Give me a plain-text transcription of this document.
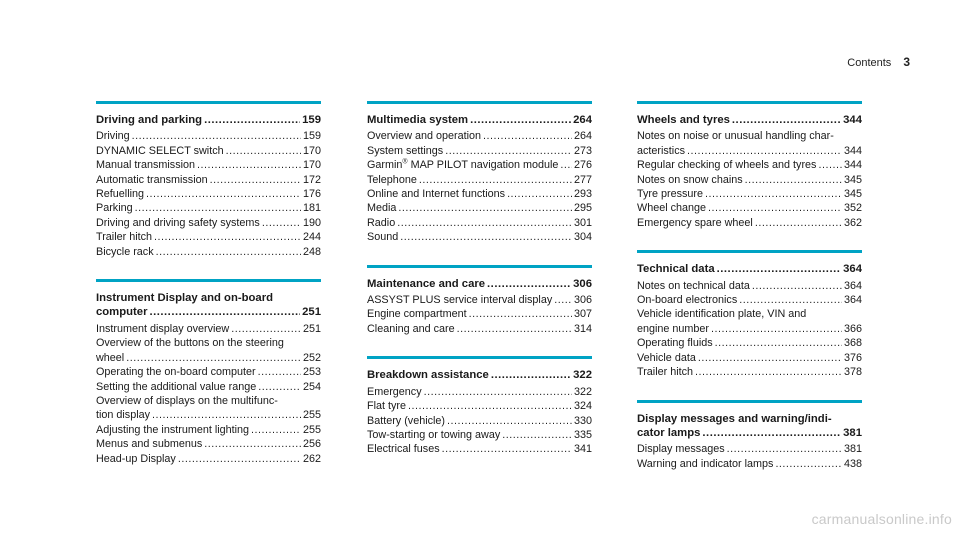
Contents 3
Driving and parking .....	159
Driving .....	159
DYNAMIC SELECT switch .....	170
Manual transmission .....	170
Automatic transmission .....	172
Refuelling .....	176
Parking .....	181
Driving and driving safety systems .....	190
Trailer hitch .....	244
Bicycle rack .....	248
Instrument Display and on-board
computer .....	251
Instrument display overview .....	251
Overview of the buttons on the steering
wheel .....	252
Operating the on-board computer .....	253
Setting the additional value range .....	254
Overview of displays on the multifunc-
tion display .....	255
Adjusting the instrument lighting .....	255
Menus and submenus .....	256
Head-up Display .....	262
Multimedia system .....	264
Overview and operation .....	264
System settings .....	273
Garmin® MAP PILOT navigation module ..... 276
Telephone .....	277
Online and Internet functions .....	293
Media .....	295
Radio .....	301
Sound .....	304
Maintenance and care .....	306
ASSYST PLUS service interval display ..... 306
Engine compartment .....	307
Cleaning and care .....	314
Breakdown assistance .....	322
Emergency .....	322
Flat tyre .....	324
Battery (vehicle) .....	330
Tow-starting or towing away .....	335
Electrical fuses .....	341
Wheels and tyres .....	344
Notes on noise or unusual handling char-
acteristics .....	344
Regular checking of wheels and tyres .....	344
Notes on snow chains .....	345
Tyre pressure .....	345
Wheel change .....	352
Emergency spare wheel .....	362
Technical data .....	364
Notes on technical data .....	364
On-board electronics .....	364
Vehicle identification plate, VIN and
engine number .....	366
Operating fluids .....	368
Vehicle data .....	376
Trailer hitch .....	378
Display messages and warning/indi-
cator lamps .....	381
Display messages .....	381
Warning and indicator lamps .....	438
carmanualsonline.info
